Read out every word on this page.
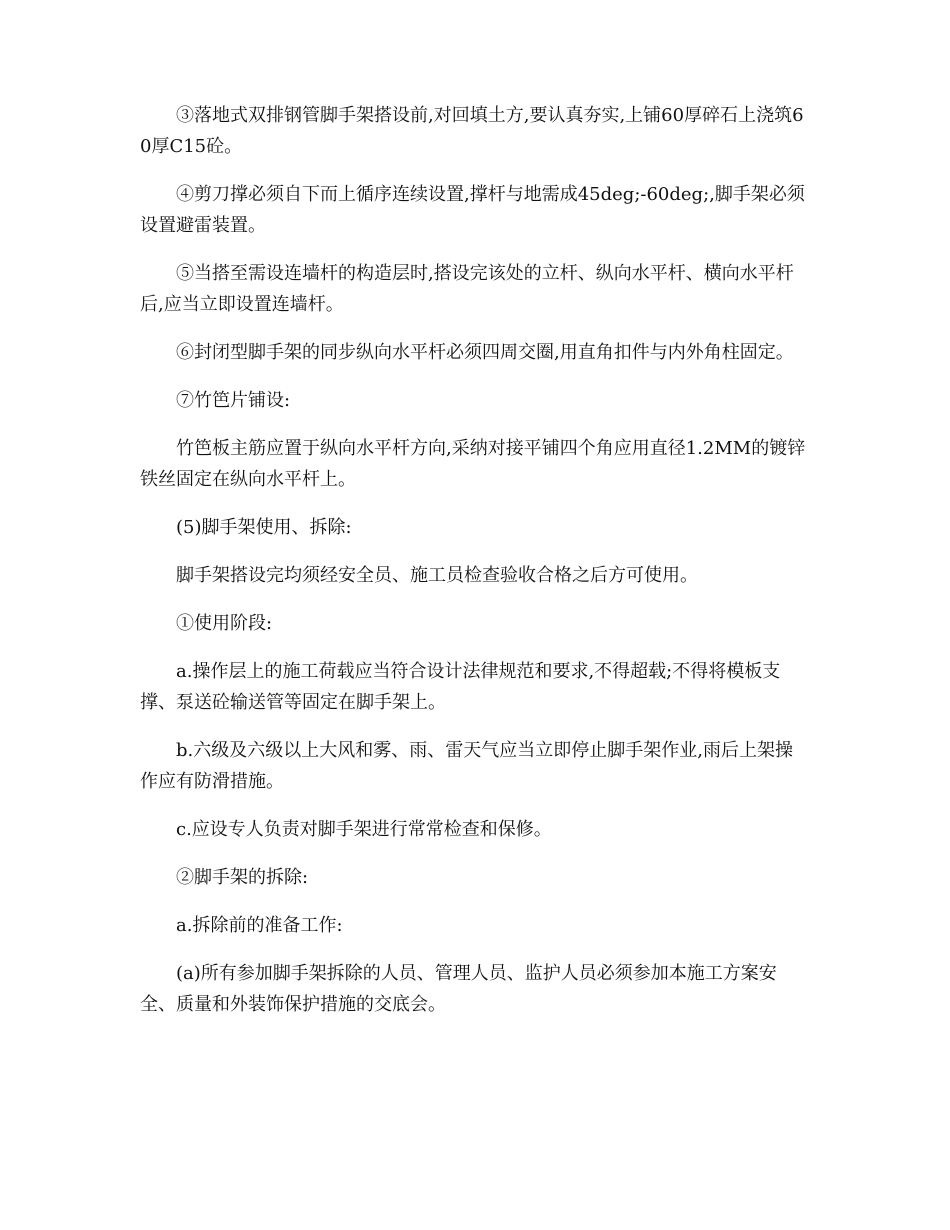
③落地式双排钢管脚手架搭设前,对回填土方,要认真夯实,上铺60厚碎石上浇筑60厚C15砼。

④剪刀撑必须自下而上循序连续设置,撑杆与地需成45deg;-60deg;,脚手架必须设置避雷装置。

⑤当搭至需设连墙杆的构造层时,搭设完该处的立杆、纵向水平杆、横向水平杆后,应当立即设置连墙杆。

⑥封闭型脚手架的同步纵向水平杆必须四周交圈,用直角扣件与内外角柱固定。

⑦竹笆片铺设:

竹笆板主筋应置于纵向水平杆方向,采纳对接平铺四个角应用直径1.2MM的镀锌铁丝固定在纵向水平杆上。

(5)脚手架使用、拆除:

脚手架搭设完均须经安全员、施工员检查验收合格之后方可使用。

①使用阶段:

a.操作层上的施工荷载应当符合设计法律规范和要求,不得超载;不得将模板支撑、泵送砼输送管等固定在脚手架上。

b.六级及六级以上大风和雾、雨、雷天气应当立即停止脚手架作业,雨后上架操作应有防滑措施。

c.应设专人负责对脚手架进行常常检查和保修。

②脚手架的拆除:

a.拆除前的准备工作:

(a)所有参加脚手架拆除的人员、管理人员、监护人员必须参加本施工方案安全、质量和外装饰保护措施的交底会。
